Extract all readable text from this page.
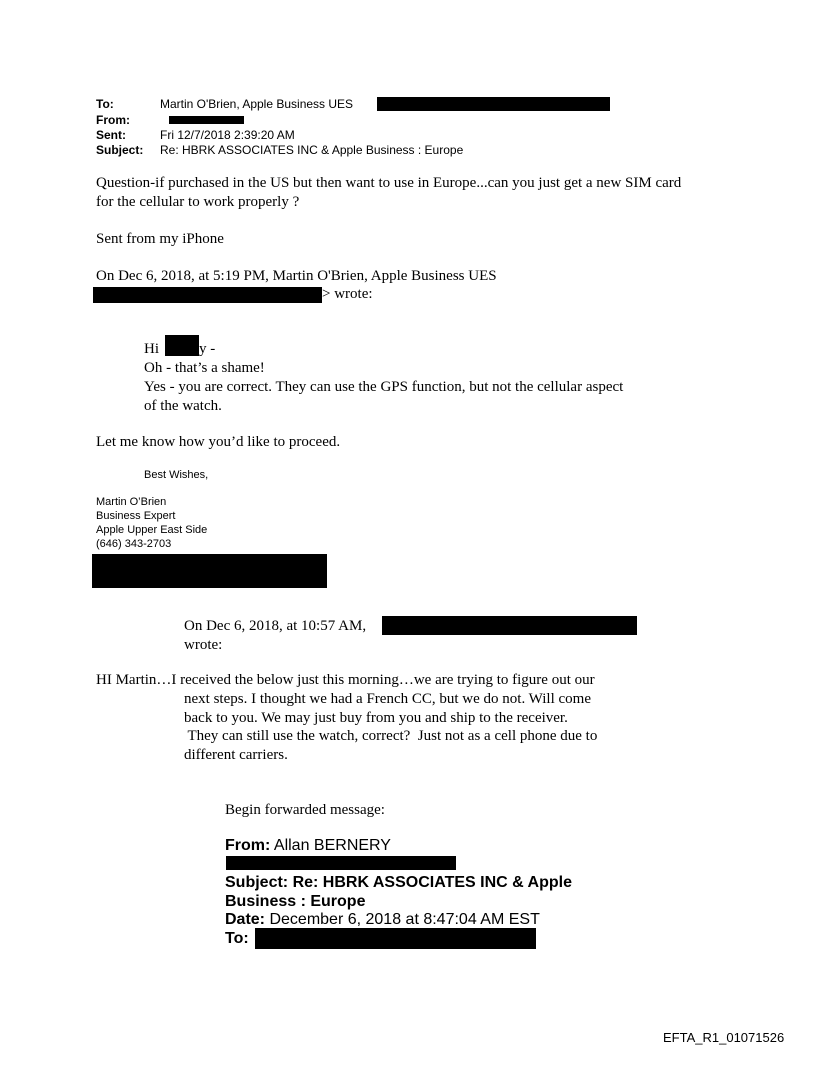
To:	Martin O'Brien, Apple Business UES
From:
Sent:	Fri 12/7/2018 2:39:20 AM
Subject: Re: HBRK ASSOCIATES INC & Apple Business : Europe
Question-if purchased in the US but then want to use in Europe...can you just get a new SIM card
for the cellular to work properly ?
Sent from my iPhone
On Dec 6, 2018, at 5:19 PM, Martin O'Brien, Apple Business UES
> wrote:
Hi	y -
Oh - that’s a shame!
Yes - you are correct. They can use the GPS function, but not the cellular aspect
of the watch.
Let me know how you’d like to proceed.
Best Wishes,
Martin O’Brien
Business Expert
Apple Upper East Side
(646) 343-2703
On Dec 6, 2018, at 10:57 AM,
wrote:
HI Martin…I received the below just this morning…we are trying to figure out our
next steps. I thought we had a French CC, but we do not. Will come
back to you. We may just buy from you and ship to the receiver.
They can still use the watch, correct?  Just not as a cell phone due to
different carriers.
Begin forwarded message:
From: Allan BERNERY
Subject: Re: HBRK ASSOCIATES INC & Apple
Business : Europe
Date: December 6, 2018 at 8:47:04 AM EST
To:
EFTA_R1_01071526
